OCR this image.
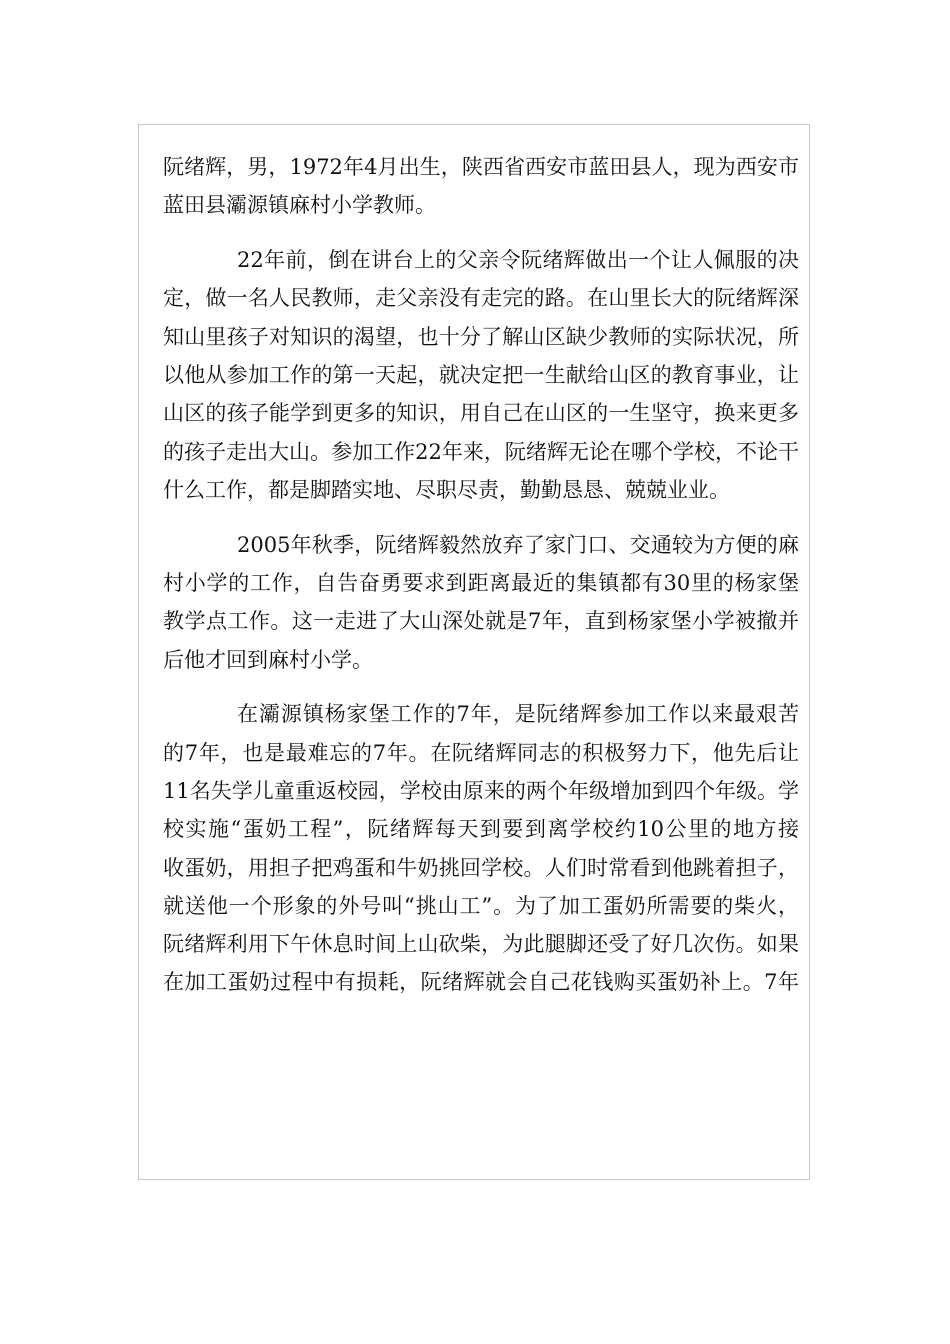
阮绪辉，男，1972年4月出生，陕西省西安市蓝田县人，现为西安市
蓝田县灞源镇麻村小学教师。
22年前，倒在讲台上的父亲令阮绪辉做出一个让人佩服的决
定，做一名人民教师，走父亲没有走完的路。在山里长大的阮绪辉深
知山里孩子对知识的渴望，也十分了解山区缺少教师的实际状况，所
以他从参加工作的第一天起，就决定把一生献给山区的教育事业，让
山区的孩子能学到更多的知识，用自己在山区的一生坚守，换来更多
的孩子走出大山。参加工作22年来，阮绪辉无论在哪个学校，不论干
什么工作，都是脚踏实地、尽职尽责，勤勤恳恳、兢兢业业。
2005年秋季，阮绪辉毅然放弃了家门口、交通较为方便的麻
村小学的工作，自告奋勇要求到距离最近的集镇都有30里的杨家堡
教学点工作。这一走进了大山深处就是7年，直到杨家堡小学被撤并
后他才回到麻村小学。
在灞源镇杨家堡工作的7年，是阮绪辉参加工作以来最艰苦
的7年，也是最难忘的7年。在阮绪辉同志的积极努力下，他先后让
11名失学儿童重返校园，学校由原来的两个年级增加到四个年级。学
校实施“蛋奶工程”，阮绪辉每天到要到离学校约10公里的地方接
收蛋奶，用担子把鸡蛋和牛奶挑回学校。人们时常看到他跳着担子，
就送他一个形象的外号叫“挑山工”。为了加工蛋奶所需要的柴火，
阮绪辉利用下午休息时间上山砍柴，为此腿脚还受了好几次伤。如果
在加工蛋奶过程中有损耗，阮绪辉就会自己花钱购买蛋奶补上。7年
